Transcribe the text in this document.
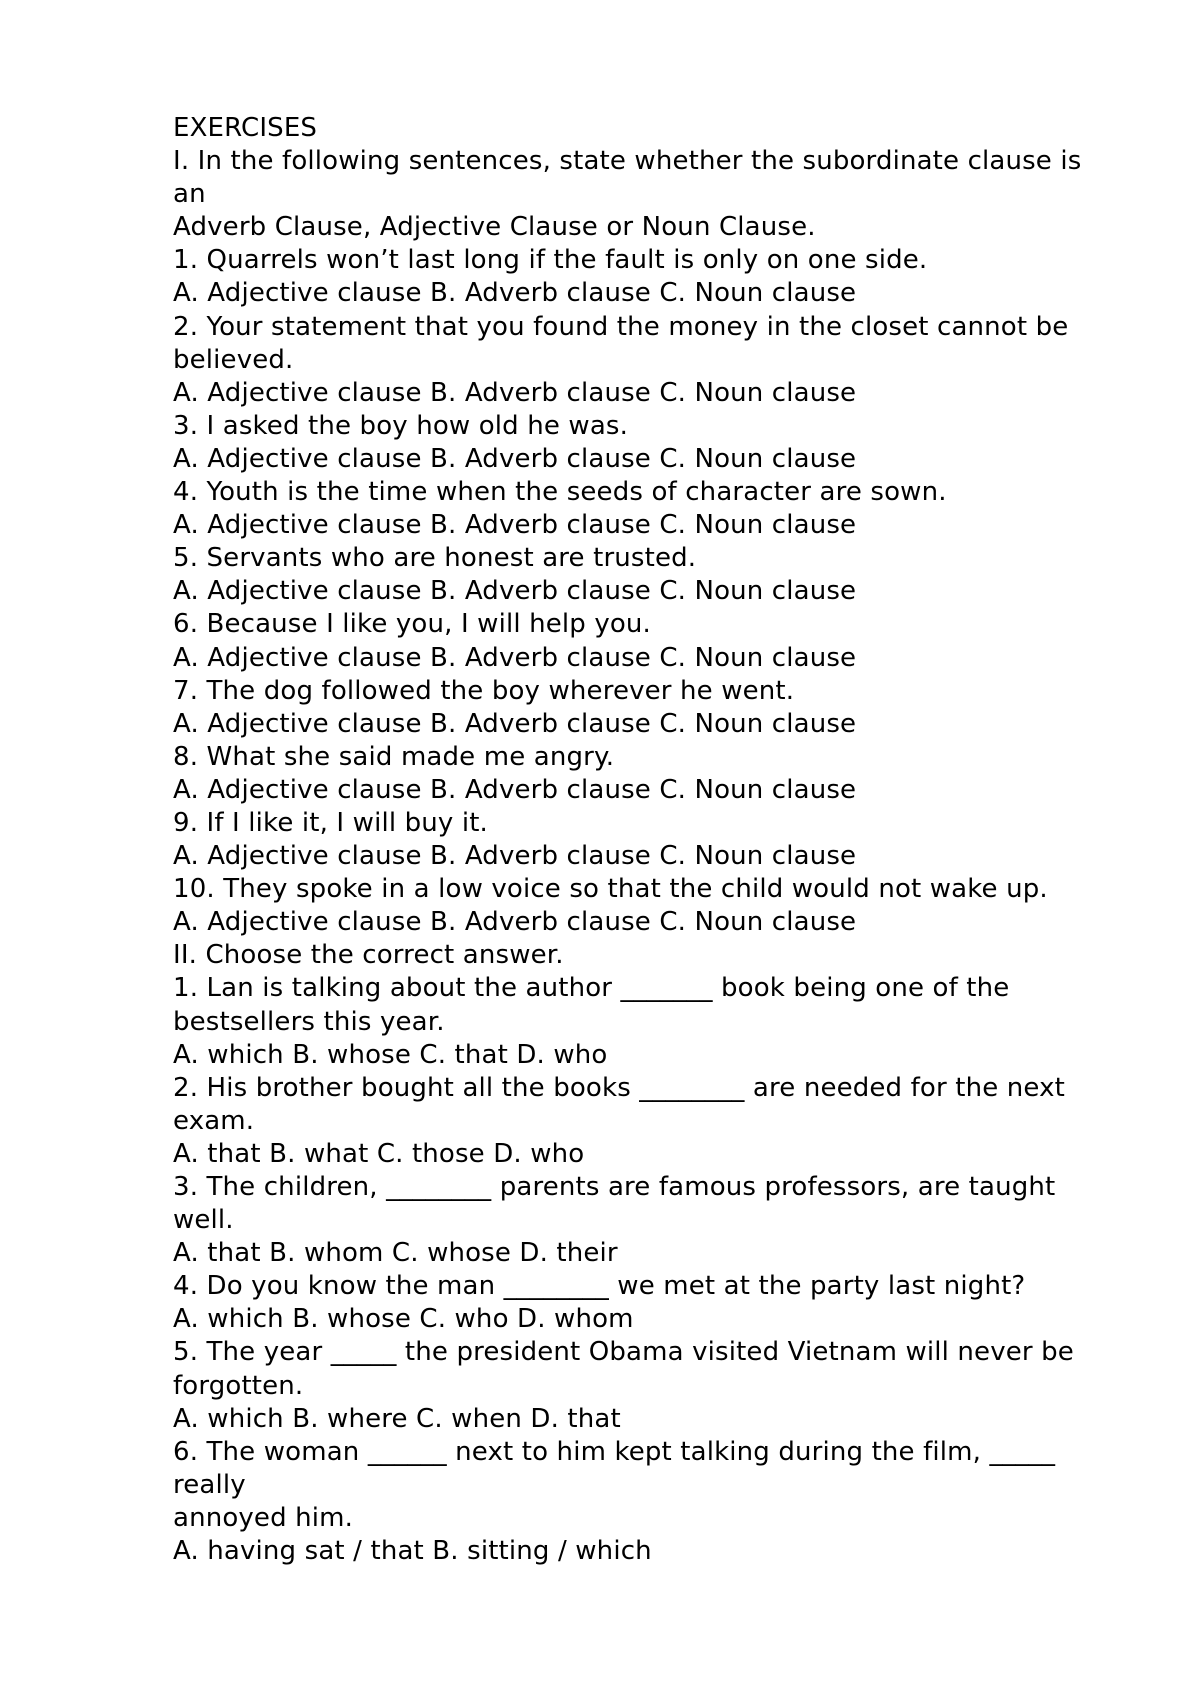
EXERCISES
I. In the following sentences, state whether the subordinate clause is
an
Adverb Clause, Adjective Clause or Noun Clause.
1. Quarrels won’t last long if the fault is only on one side.
A. Adjective clause B. Adverb clause C. Noun clause
2. Your statement that you found the money in the closet cannot be
believed.
A. Adjective clause B. Adverb clause C. Noun clause
3. I asked the boy how old he was.
A. Adjective clause B. Adverb clause C. Noun clause
4. Youth is the time when the seeds of character are sown.
A. Adjective clause B. Adverb clause C. Noun clause
5. Servants who are honest are trusted.
A. Adjective clause B. Adverb clause C. Noun clause
6. Because I like you, I will help you.
A. Adjective clause B. Adverb clause C. Noun clause
7. The dog followed the boy wherever he went.
A. Adjective clause B. Adverb clause C. Noun clause
8. What she said made me angry.
A. Adjective clause B. Adverb clause C. Noun clause
9. If I like it, I will buy it.
A. Adjective clause B. Adverb clause C. Noun clause
10. They spoke in a low voice so that the child would not wake up.
A. Adjective clause B. Adverb clause C. Noun clause
II. Choose the correct answer.
1. Lan is talking about the author _______ book being one of the
bestsellers this year.
A. which B. whose C. that D. who
2. His brother bought all the books ________ are needed for the next
exam.
A. that B. what C. those D. who
3. The children, ________ parents are famous professors, are taught
well.
A. that B. whom C. whose D. their
4. Do you know the man ________ we met at the party last night?
A. which B. whose C. who D. whom
5. The year _____ the president Obama visited Vietnam will never be
forgotten.
A. which B. where C. when D. that
6. The woman ______ next to him kept talking during the film, _____
really
annoyed him.
A. having sat / that B. sitting / which
